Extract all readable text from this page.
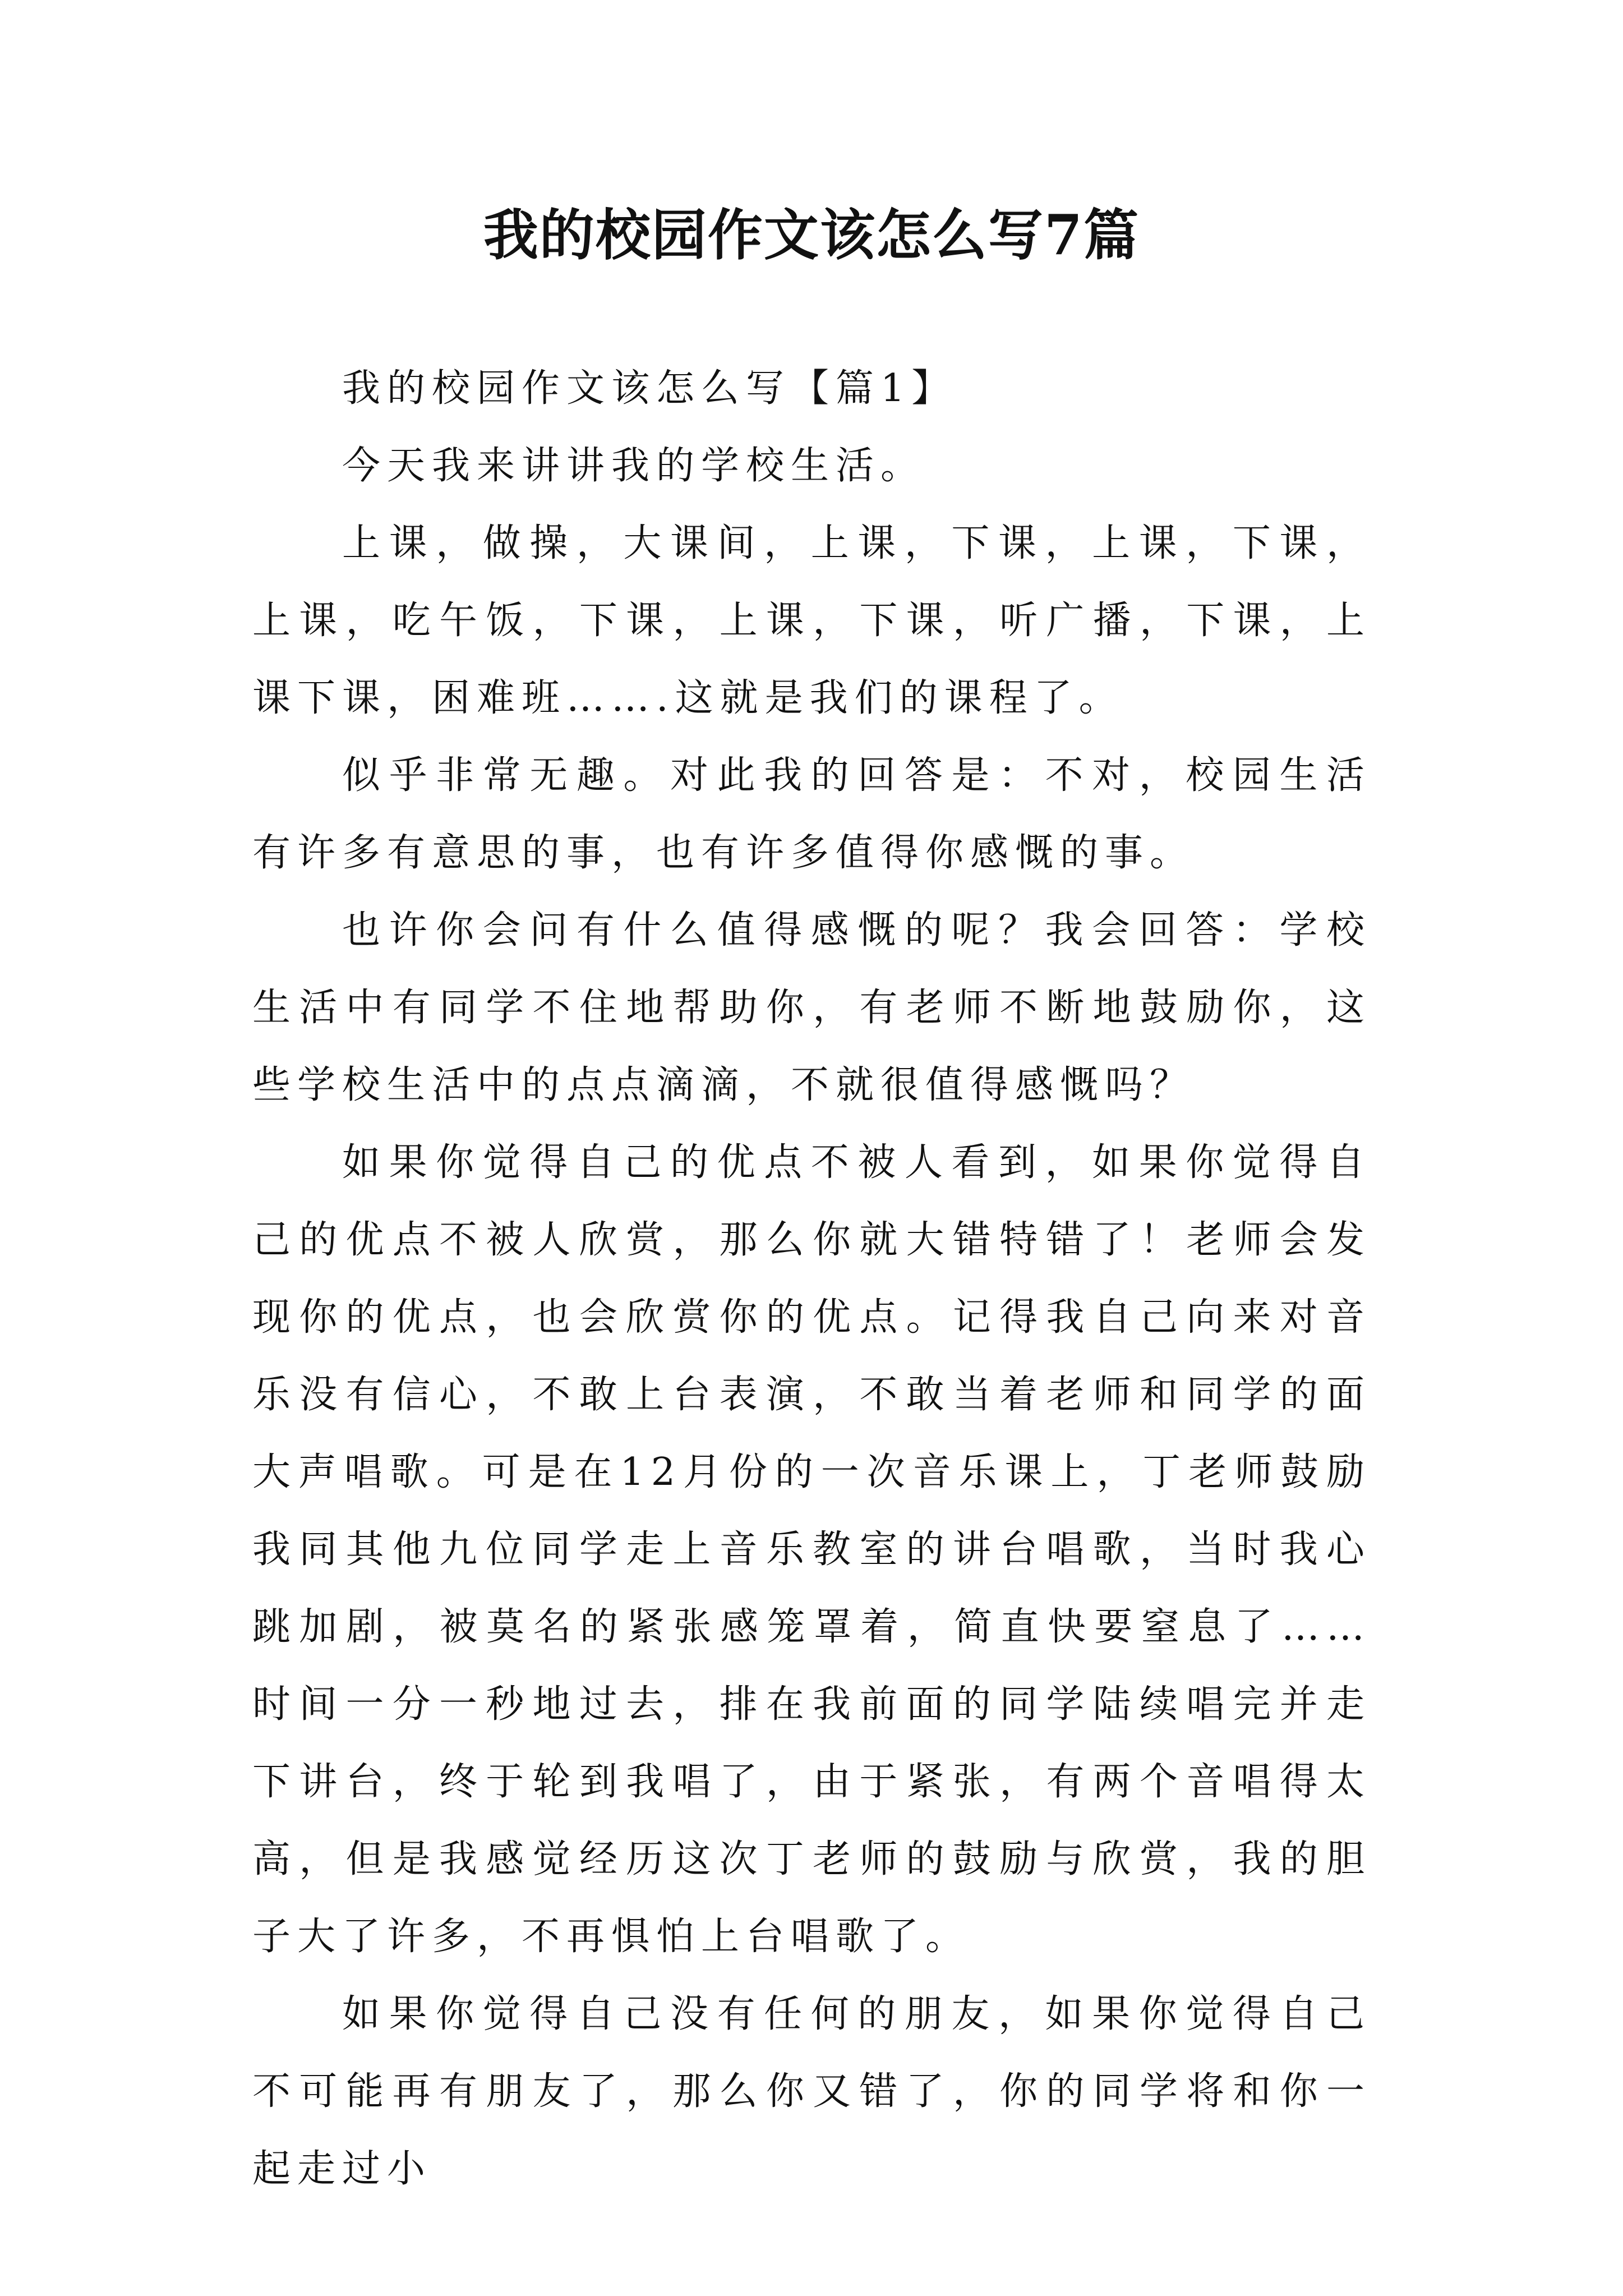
我的校园作文该怎么写7篇

我的校园作文该怎么写【篇1】

今天我来讲讲我的学校生活。

上课，做操，大课间，上课，下课，上课，下课，上课，吃午饭，下课，上课，下课，听广播，下课，上课下课，困难班…….这就是我们的课程了。

似乎非常无趣。对此我的回答是：不对，校园生活有许多有意思的事，也有许多值得你感慨的事。

也许你会问有什么值得感慨的呢？我会回答：学校生活中有同学不住地帮助你，有老师不断地鼓励你，这些学校生活中的点点滴滴，不就很值得感慨吗？

如果你觉得自己的优点不被人看到，如果你觉得自己的优点不被人欣赏，那么你就大错特错了！老师会发现你的优点，也会欣赏你的优点。记得我自己向来对音乐没有信心，不敢上台表演，不敢当着老师和同学的面大声唱歌。可是在12月份的一次音乐课上，丁老师鼓励我同其他九位同学走上音乐教室的讲台唱歌，当时我心跳加剧，被莫名的紧张感笼罩着，简直快要窒息了……时间一分一秒地过去，排在我前面的同学陆续唱完并走下讲台，终于轮到我唱了，由于紧张，有两个音唱得太高，但是我感觉经历这次丁老师的鼓励与欣赏，我的胆子大了许多，不再惧怕上台唱歌了。

如果你觉得自己没有任何的朋友，如果你觉得自己不可能再有朋友了，那么你又错了，你的同学将和你一起走过小
